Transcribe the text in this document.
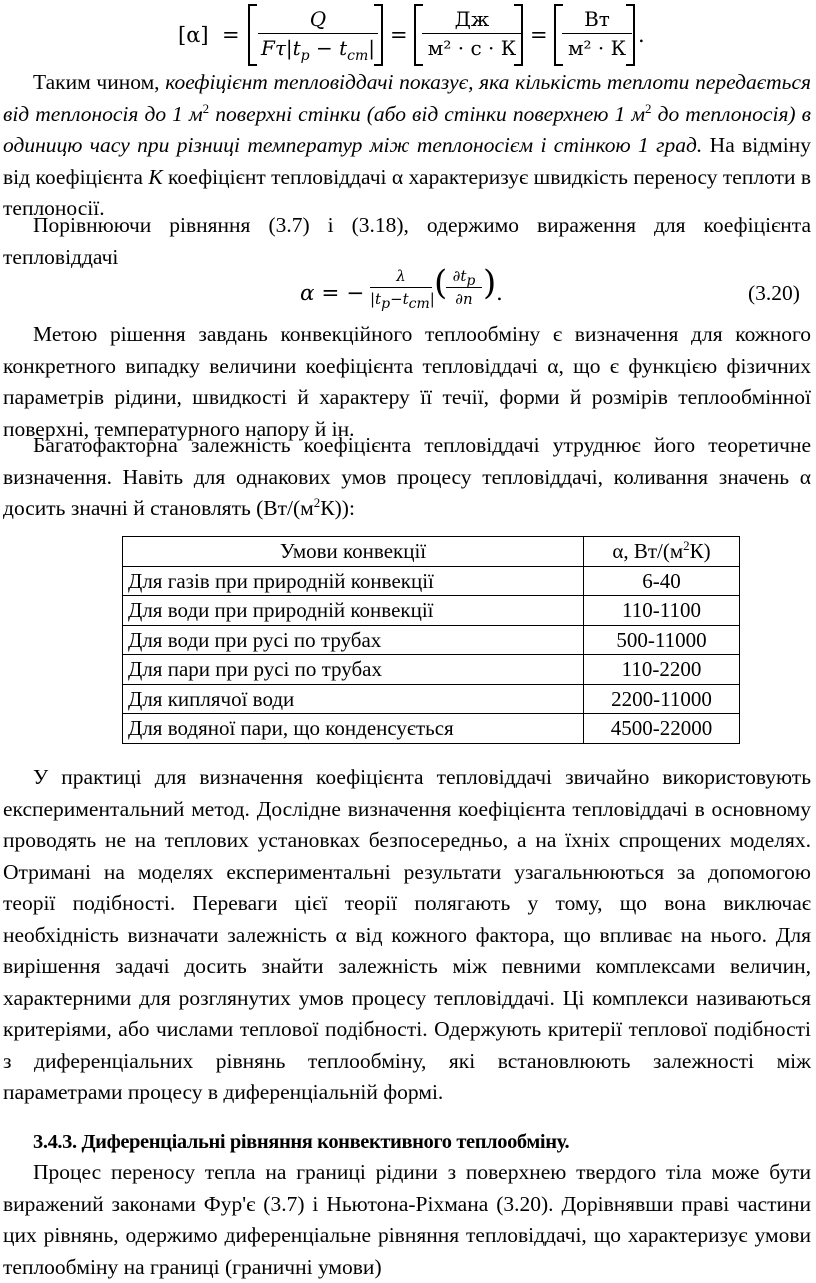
[α] =
Q
$F\tau|t_р - t_{ст}|$
=
Дж
м² · с · К
=
Вт
м² · К
.

Таким чином, коефіцієнт тепловіддачі показує, яка кількість теплоти передається від теплоносія до 1 $м^2$ поверхні стінки (або від стінки поверхнею 1 $м^2$ до теплоносія) в одиницю часу при різниці температур між теплоносієм і стінкою 1 град. На відміну від коефіцієнта К коефіцієнт тепловіддачі α характеризує швидкість переносу теплоти в теплоносії.

Порівнюючи рівняння (3.7) і (3.18), одержимо вираження для коефіцієнта тепловіддачі

α = −
λ
$|t_р-t_{ст}|$ ( $\partial t_р$
∂n ) .	(3.20)

Метою рішення завдань конвекційного теплообміну є визначення для кожного конкретного випадку величини коефіцієнта тепловіддачі α, що є функцією фізичних параметрів рідини, швидкості й характеру її течії, форми й розмірів теплообмінної поверхні, температурного напору й ін.

Багатофакторна залежність коефіцієнта тепловіддачі утруднює його теоретичне визначення. Навіть для однакових умов процесу тепловіддачі, коливання значень α досить значні й становлять $(Вт/(м^2К))$:

Умови конвекції	α, $Вт/(м^2К)$
Для газів при природній конвекції	6-40
Для води при природній конвекції	110-1100
Для води при русі по трубах	500-11000
Для пари при русі по трубах	110-2200
Для киплячої води	2200-11000
Для водяної пари, що конденсується	4500-22000

У практиці для визначення коефіцієнта тепловіддачі звичайно використовують експериментальний метод. Дослідне визначення коефіцієнта тепловіддачі в основному проводять не на теплових установках безпосередньо, а на їхніх спрощених моделях. Отримані на моделях експериментальні результати узагальнюються за допомогою теорії подібності. Переваги цієї теорії полягають у тому, що вона виключає необхідність визначати залежність α від кожного фактора, що впливає на нього. Для вирішення задачі досить знайти залежність між певними комплексами величин, характерними для розглянутих умов процесу тепловіддачі. Ці комплекси називаються критеріями, або числами теплової подібності. Одержують критерії теплової подібності з диференціальних рівнянь теплообміну, які встановлюють залежності між параметрами процесу в диференціальній формі.

3.4.3. Диференціальні рівняння конвективного теплообміну.

Процес переносу тепла на границі рідини з поверхнею твердого тіла може бути виражений законами Фур'є (3.7) і Ньютона-Ріхмана (3.20). Дорівнявши праві частини цих рівнянь, одержимо диференціальне рівняння тепловіддачі, що характеризує умови теплообміну на границі (граничні умови)
